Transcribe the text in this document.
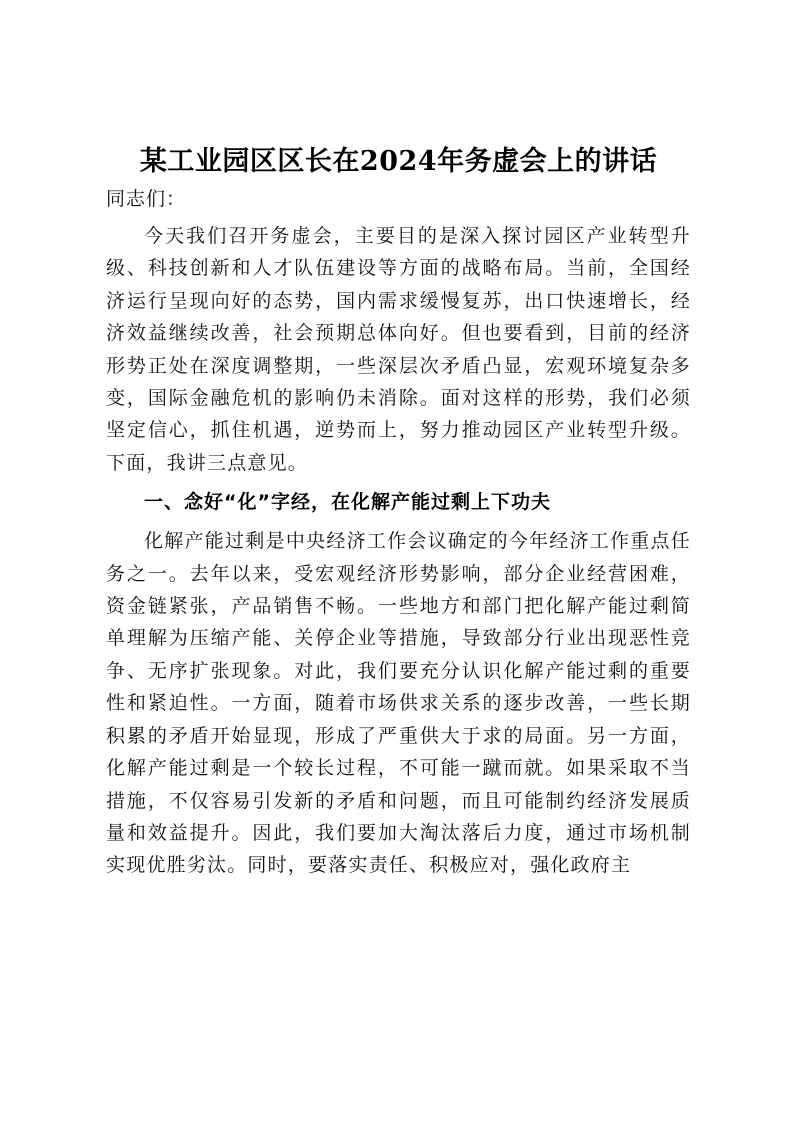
某工业园区区长在2024年务虚会上的讲话

同志们：

今天我们召开务虚会，主要目的是深入探讨园区产业转型升级、科技创新和人才队伍建设等方面的战略布局。当前，全国经济运行呈现向好的态势，国内需求缓慢复苏，出口快速增长，经济效益继续改善，社会预期总体向好。但也要看到，目前的经济形势正处在深度调整期，一些深层次矛盾凸显，宏观环境复杂多变，国际金融危机的影响仍未消除。面对这样的形势，我们必须坚定信心，抓住机遇，逆势而上，努力推动园区产业转型升级。下面，我讲三点意见。

一、念好“化”字经，在化解产能过剩上下功夫

化解产能过剩是中央经济工作会议确定的今年经济工作重点任务之一。去年以来，受宏观经济形势影响，部分企业经营困难，资金链紧张，产品销售不畅。一些地方和部门把化解产能过剩简单理解为压缩产能、关停企业等措施，导致部分行业出现恶性竞争、无序扩张现象。对此，我们要充分认识化解产能过剩的重要性和紧迫性。一方面，随着市场供求关系的逐步改善，一些长期积累的矛盾开始显现，形成了严重供大于求的局面。另一方面，化解产能过剩是一个较长过程，不可能一蹴而就。如果采取不当措施，不仅容易引发新的矛盾和问题，而且可能制约经济发展质量和效益提升。因此，我们要加大淘汰落后力度，通过市场机制实现优胜劣汰。同时，要落实责任、积极应对，强化政府主
